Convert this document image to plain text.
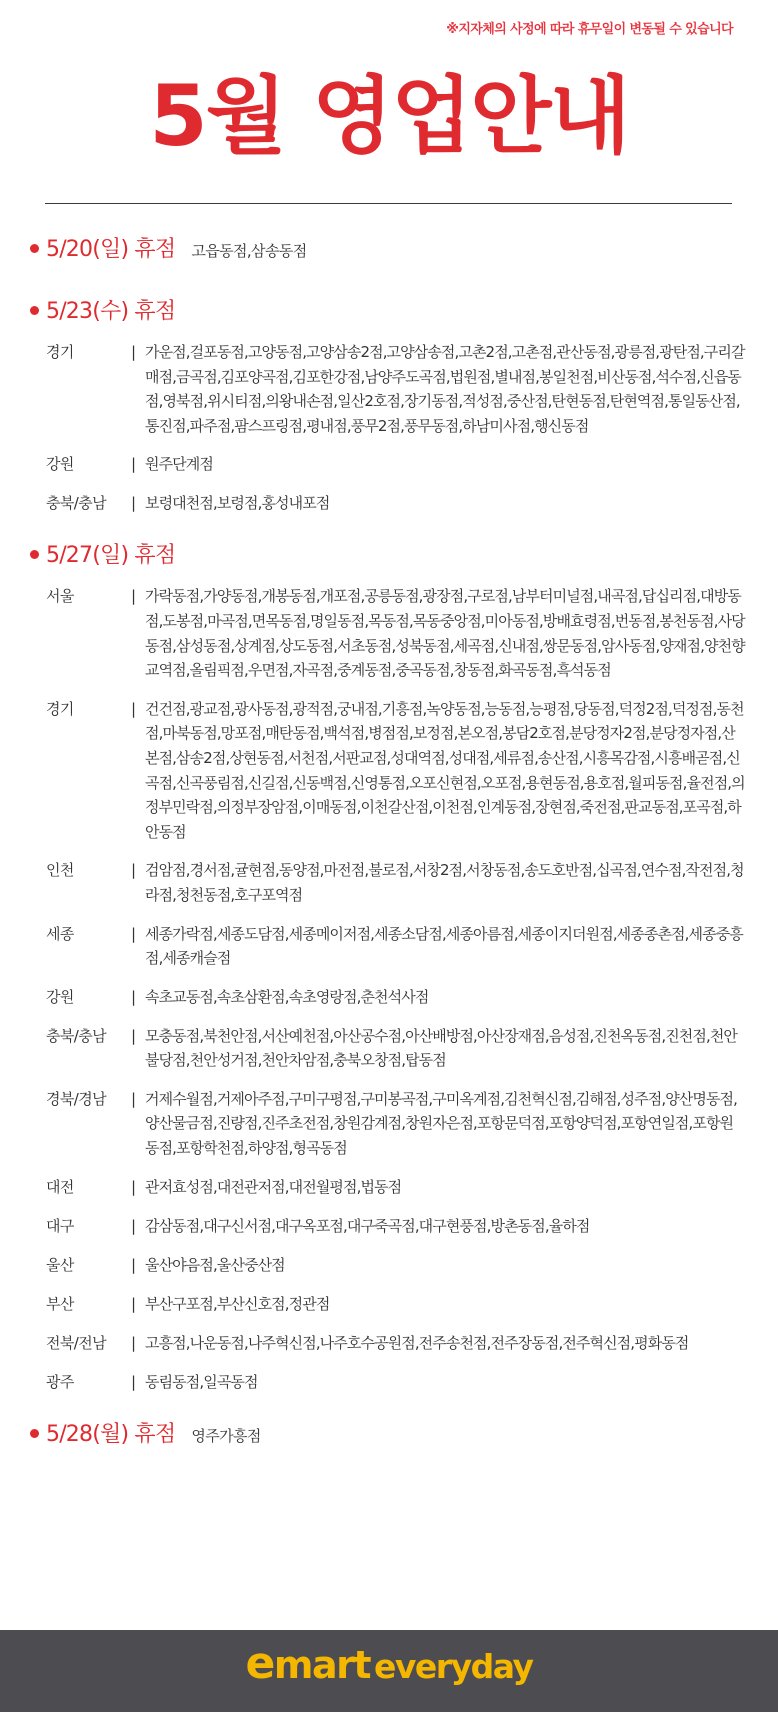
※지자체의 사정에 따라 휴무일이 변동될 수 있습니다
5월 영업안내
5/20(일) 휴점 고읍동점,삼송동점
5/23(수) 휴점
경기	| 가운점,걸포동점,고양동점,고양삼송2점,고양삼송점,고촌2점,고촌점,관산동점,광릉점,광탄점,구리갈매점,금곡점,김포양곡점,김포한강점,남양주도곡점,법원점,별내점,봉일천점,비산동점,석수점,신읍동점,영북점,위시티점,의왕내손점,일산2호점,장기동점,적성점,중산점,탄현동점,탄현역점,통일동산점,통진점,파주점,팜스프링점,평내점,풍무2점,풍무동점,하남미사점,행신동점
강원	| 원주단계점
충북/충남	| 보령대천점,보령점,홍성내포점
5/27(일) 휴점
서울	| 가락동점,가양동점,개봉동점,개포점,공릉동점,광장점,구로점,남부터미널점,내곡점,답십리점,대방동점,도봉점,마곡점,면목동점,명일동점,목동점,목동중앙점,미아동점,방배효령점,번동점,봉천동점,사당동점,삼성동점,상계점,상도동점,서초동점,성북동점,세곡점,신내점,쌍문동점,암사동점,양재점,양천향교역점,올림픽점,우면점,자곡점,중계동점,중곡동점,창동점,화곡동점,흑석동점
경기	| 건건점,광교점,광사동점,광적점,궁내점,기흥점,녹양동점,능동점,능평점,당동점,덕정2점,덕정점,동천점,마북동점,망포점,매탄동점,백석점,병점점,보정점,본오점,봉담2호점,분당정자2점,분당정자점,산본점,삼송2점,상현동점,서천점,서판교점,성대역점,성대점,세류점,송산점,시흥목감점,시흥배곧점,신곡점,신곡풍림점,신길점,신동백점,신영통점,오포신현점,오포점,용현동점,용호점,월피동점,율전점,의정부민락점,의정부장암점,이매동점,이천갈산점,이천점,인계동점,장현점,죽전점,판교동점,포곡점,하안동점
인천	| 검암점,경서점,귤현점,동양점,마전점,불로점,서창2점,서창동점,송도호반점,십곡점,연수점,작전점,청라점,청천동점,호구포역점
세종	| 세종가락점,세종도담점,세종메이저점,세종소담점,세종아름점,세종이지더원점,세종종촌점,세종중흥점,세종캐슬점
강원	| 속초교동점,속초삼환점,속초영랑점,춘천석사점
충북/충남	| 모충동점,북천안점,서산예천점,아산공수점,아산배방점,아산장재점,음성점,진천옥동점,진천점,천안불당점,천안성거점,천안차암점,충북오창점,탑동점
경북/경남	| 거제수월점,거제아주점,구미구평점,구미봉곡점,구미옥계점,김천혁신점,김해점,성주점,양산명동점,양산물금점,진량점,진주초전점,창원감계점,창원자은점,포항문덕점,포항양덕점,포항연일점,포항원동점,포항학천점,하양점,형곡동점
대전	| 관저효성점,대전관저점,대전월평점,법동점
대구	| 감삼동점,대구신서점,대구옥포점,대구죽곡점,대구현풍점,방촌동점,율하점
울산	| 울산야음점,울산중산점
부산	| 부산구포점,부산신호점,정관점
전북/전남	| 고흥점,나운동점,나주혁신점,나주호수공원점,전주송천점,전주장동점,전주혁신점,평화동점
광주	| 동림동점,일곡동점
5/28(월) 휴점 영주가흥점
emart everyday
